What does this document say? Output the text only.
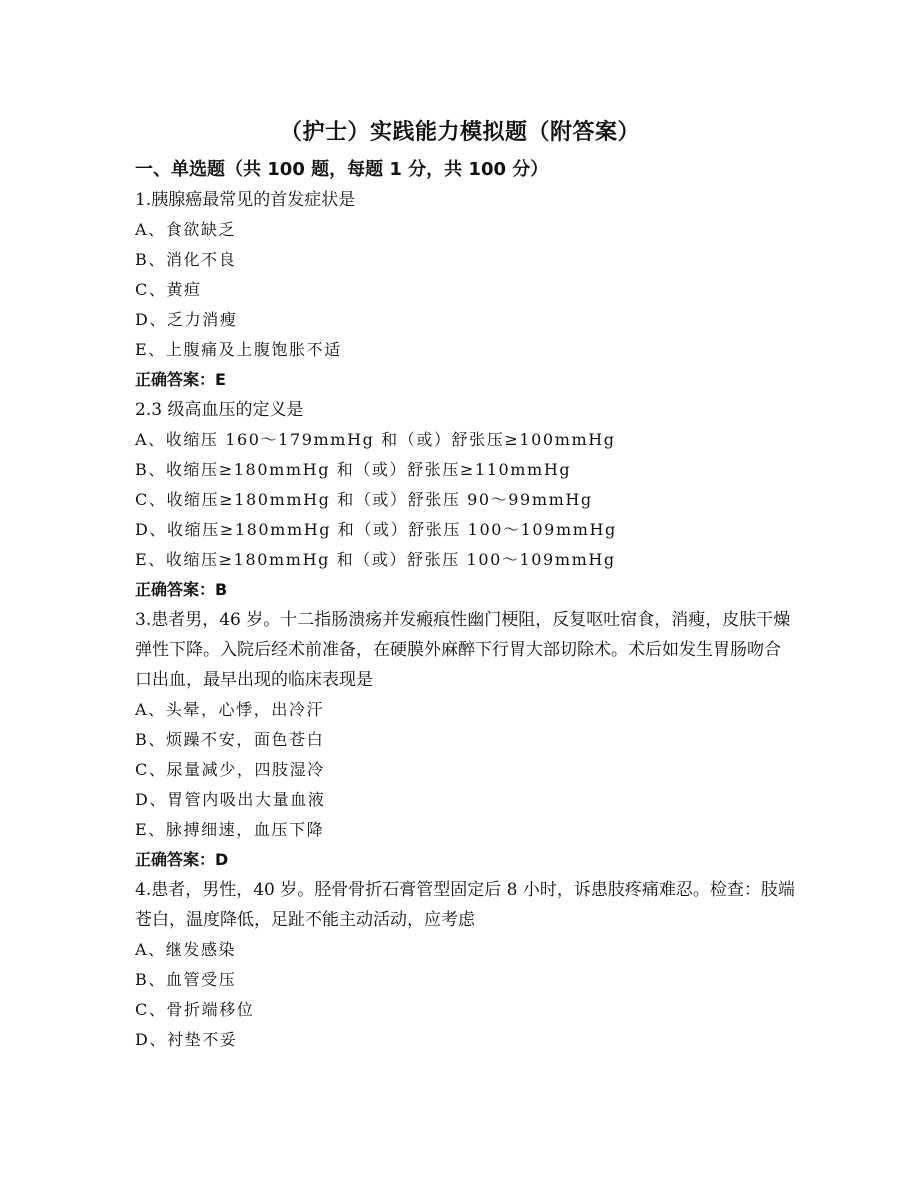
（护士）实践能力模拟题（附答案）
一、单选题（共 100 题，每题 1 分，共 100 分）
1.胰腺癌最常见的首发症状是
A、食欲缺乏
B、消化不良
C、黄疸
D、乏力消瘦
E、上腹痛及上腹饱胀不适
正确答案：E
2.3 级高血压的定义是
A、收缩压 160～179mmHg 和（或）舒张压≥100mmHg
B、收缩压≥180mmHg 和（或）舒张压≥110mmHg
C、收缩压≥180mmHg 和（或）舒张压 90～99mmHg
D、收缩压≥180mmHg 和（或）舒张压 100～109mmHg
E、收缩压≥180mmHg 和（或）舒张压 100～109mmHg
正确答案：B
3.患者男，46 岁。十二指肠溃疡并发瘢痕性幽门梗阻，反复呕吐宿食，消瘦，皮肤干燥弹性下降。入院后经术前准备，在硬膜外麻醉下行胃大部切除术。术后如发生胃肠吻合口出血，最早出现的临床表现是
A、头晕，心悸，出冷汗
B、烦躁不安，面色苍白
C、尿量减少，四肢湿冷
D、胃管内吸出大量血液
E、脉搏细速，血压下降
正确答案：D
4.患者，男性，40 岁。胫骨骨折石膏管型固定后 8 小时，诉患肢疼痛难忍。检查：肢端苍白，温度降低，足趾不能主动活动，应考虑
A、继发感染
B、血管受压
C、骨折端移位
D、衬垫不妥
